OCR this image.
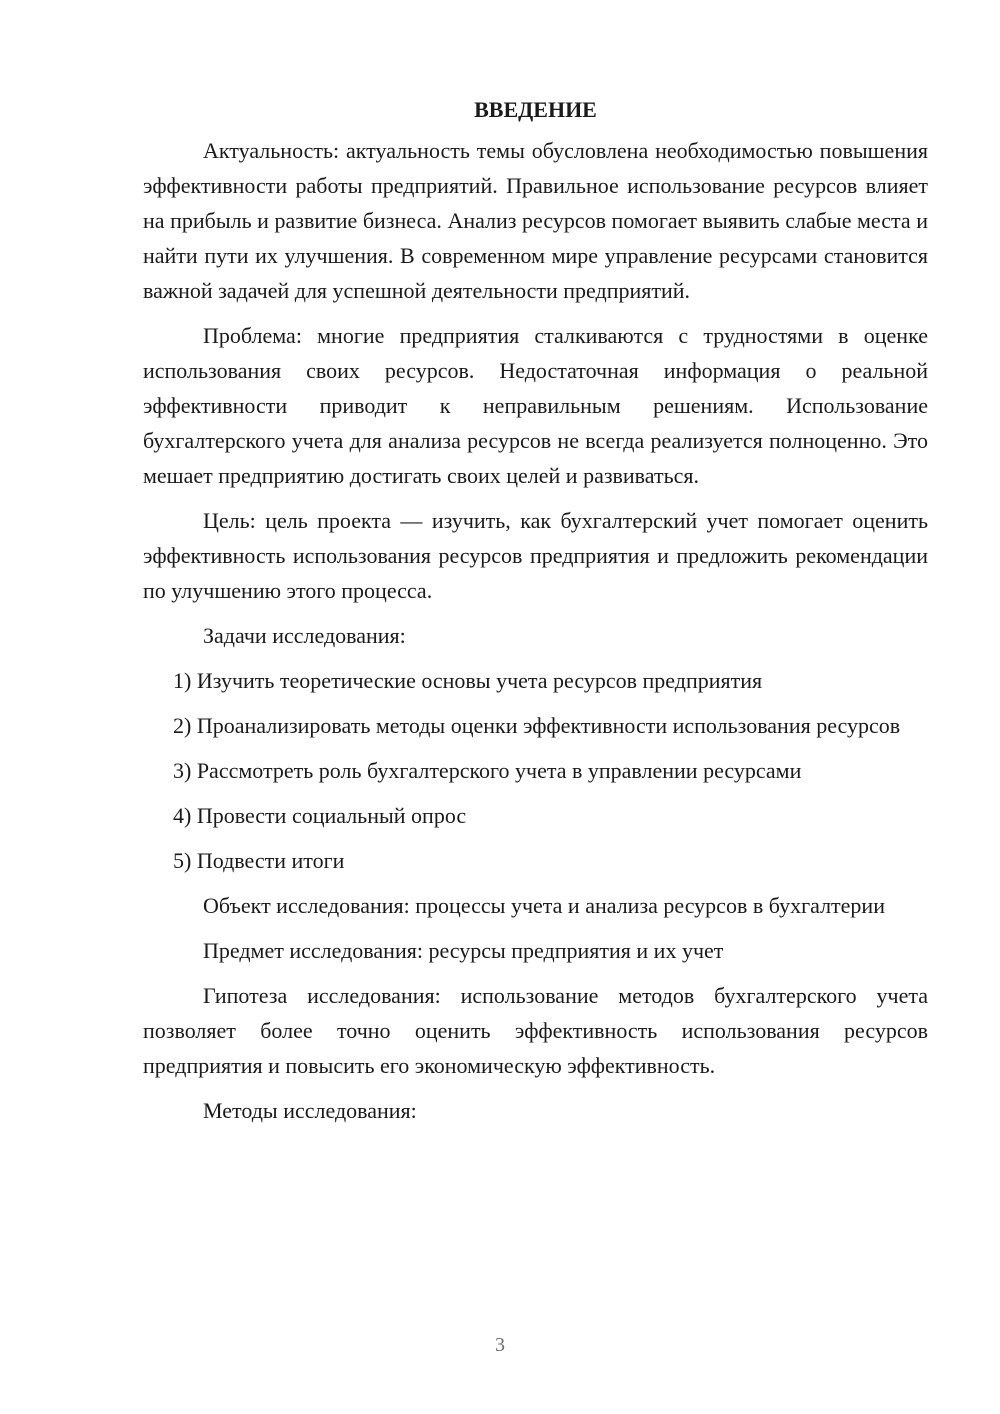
ВВЕДЕНИЕ

Актуальность: актуальность темы обусловлена необходимостью повышения эффективности работы предприятий. Правильное использование ресурсов влияет на прибыль и развитие бизнеса. Анализ ресурсов помогает выявить слабые места и найти пути их улучшения. В современном мире управление ресурсами становится важной задачей для успешной деятельности предприятий.

Проблема: многие предприятия сталкиваются с трудностями в оценке использования своих ресурсов. Недостаточная информация о реальной эффективности приводит к неправильным решениям. Использование бухгалтерского учета для анализа ресурсов не всегда реализуется полноценно. Это мешает предприятию достигать своих целей и развиваться.

Цель: цель проекта — изучить, как бухгалтерский учет помогает оценить эффективность использования ресурсов предприятия и предложить рекомендации по улучшению этого процесса.

Задачи исследования:

1) Изучить теоретические основы учета ресурсов предприятия

2) Проанализировать методы оценки эффективности использования ресурсов

3) Рассмотреть роль бухгалтерского учета в управлении ресурсами

4) Провести социальный опрос

5) Подвести итоги

Объект исследования: процессы учета и анализа ресурсов в бухгалтерии

Предмет исследования: ресурсы предприятия и их учет

Гипотеза исследования: использование методов бухгалтерского учета позволяет более точно оценить эффективность использования ресурсов предприятия и повысить его экономическую эффективность.

Методы исследования:

3
